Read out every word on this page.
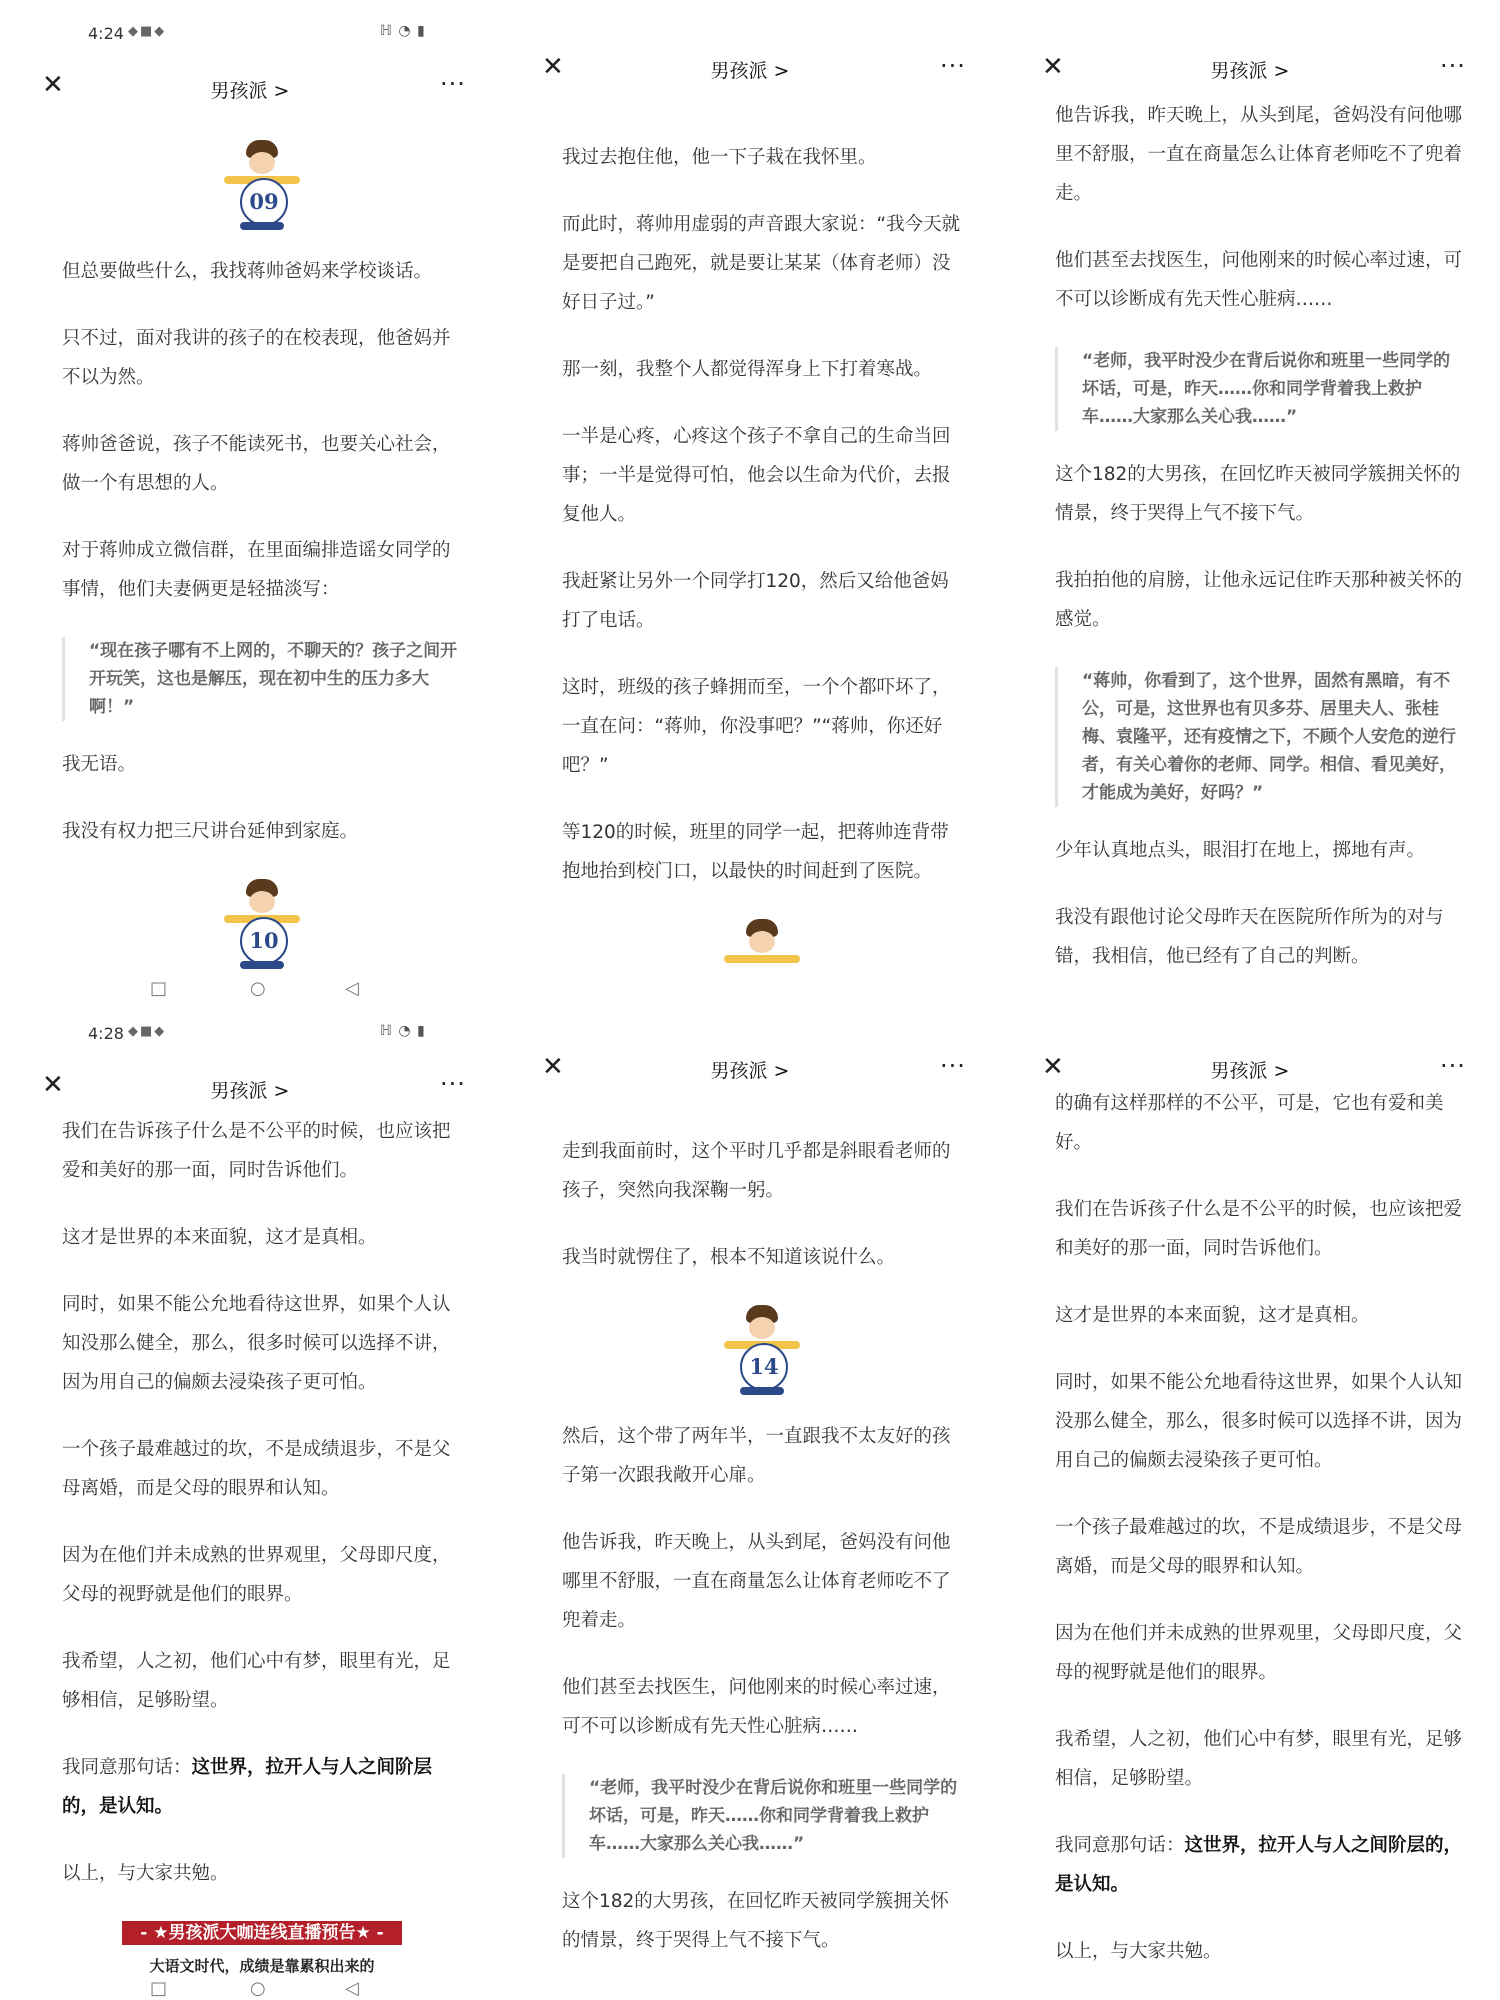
4:24 ◆■◆	ℍ ◔ ▮
✕	男孩派 >	···
09

但总要做些什么，我找蒋帅爸妈来学校谈话。

只不过，面对我讲的孩子的在校表现，他爸妈并不以为然。

蒋帅爸爸说，孩子不能读死书，也要关心社会，做一个有思想的人。

对于蒋帅成立微信群，在里面编排造谣女同学的事情，他们夫妻俩更是轻描淡写：

“现在孩子哪有不上网的，不聊天的？孩子之间开开玩笑，这也是解压，现在初中生的压力多大啊！”

我无语。

我没有权力把三尺讲台延伸到家庭。

10
□	○	◁
✕	男孩派 >	···

我过去抱住他，他一下子栽在我怀里。

而此时，蒋帅用虚弱的声音跟大家说：“我今天就是要把自己跑死，就是要让某某（体育老师）没好日子过。”

那一刻，我整个人都觉得浑身上下打着寒战。

一半是心疼，心疼这个孩子不拿自己的生命当回事；一半是觉得可怕，他会以生命为代价，去报复他人。

我赶紧让另外一个同学打120，然后又给他爸妈打了电话。

这时，班级的孩子蜂拥而至，一个个都吓坏了，一直在问：“蒋帅，你没事吧？”“蒋帅，你还好吧？”

等120的时候，班里的同学一起，把蒋帅连背带抱地抬到校门口，以最快的时间赶到了医院。

✕	男孩派 >	···

他告诉我，昨天晚上，从头到尾，爸妈没有问他哪里不舒服，一直在商量怎么让体育老师吃不了兜着走。

他们甚至去找医生，问他刚来的时候心率过速，可不可以诊断成有先天性心脏病……

“老师，我平时没少在背后说你和班里一些同学的坏话，可是，昨天……你和同学背着我上救护车……大家那么关心我……”

这个182的大男孩，在回忆昨天被同学簇拥关怀的情景，终于哭得上气不接下气。

我拍拍他的肩膀，让他永远记住昨天那种被关怀的感觉。

“蒋帅，你看到了，这个世界，固然有黑暗，有不公，可是，这世界也有贝多芬、居里夫人、张桂梅、袁隆平，还有疫情之下，不顾个人安危的逆行者，有关心着你的老师、同学。相信、看见美好，才能成为美好，好吗？”

少年认真地点头，眼泪打在地上，掷地有声。

我没有跟他讨论父母昨天在医院所作所为的对与错，我相信，他已经有了自己的判断。

4:28 ◆■◆	ℍ ◔ ▮
✕	男孩派 >	···

我们在告诉孩子什么是不公平的时候，也应该把爱和美好的那一面，同时告诉他们。

这才是世界的本来面貌，这才是真相。

同时，如果不能公允地看待这世界，如果个人认知没那么健全，那么，很多时候可以选择不讲，因为用自己的偏颇去浸染孩子更可怕。

一个孩子最难越过的坎，不是成绩退步，不是父母离婚，而是父母的眼界和认知。

因为在他们并未成熟的世界观里，父母即尺度，父母的视野就是他们的眼界。

我希望，人之初，他们心中有梦，眼里有光，足够相信，足够盼望。

我同意那句话：这世界，拉开人与人之间阶层的，是认知。

以上，与大家共勉。

- ★男孩派大咖连线直播预告★ -
大语文时代，成绩是靠累积出来的
□	○	◁
✕	男孩派 >	···

走到我面前时，这个平时几乎都是斜眼看老师的孩子，突然向我深鞠一躬。

我当时就愣住了，根本不知道该说什么。

14

然后，这个带了两年半，一直跟我不太友好的孩子第一次跟我敞开心扉。

他告诉我，昨天晚上，从头到尾，爸妈没有问他哪里不舒服，一直在商量怎么让体育老师吃不了兜着走。

他们甚至去找医生，问他刚来的时候心率过速，可不可以诊断成有先天性心脏病……

“老师，我平时没少在背后说你和班里一些同学的坏话，可是，昨天……你和同学背着我上救护车……大家那么关心我……”

这个182的大男孩，在回忆昨天被同学簇拥关怀的情景，终于哭得上气不接下气。

✕	男孩派 >	···

的确有这样那样的不公平，可是，它也有爱和美好。

我们在告诉孩子什么是不公平的时候，也应该把爱和美好的那一面，同时告诉他们。

这才是世界的本来面貌，这才是真相。

同时，如果不能公允地看待这世界，如果个人认知没那么健全，那么，很多时候可以选择不讲，因为用自己的偏颇去浸染孩子更可怕。

一个孩子最难越过的坎，不是成绩退步，不是父母离婚，而是父母的眼界和认知。

因为在他们并未成熟的世界观里，父母即尺度，父母的视野就是他们的眼界。

我希望，人之初，他们心中有梦，眼里有光，足够相信，足够盼望。

我同意那句话：这世界，拉开人与人之间阶层的，是认知。

以上，与大家共勉。
